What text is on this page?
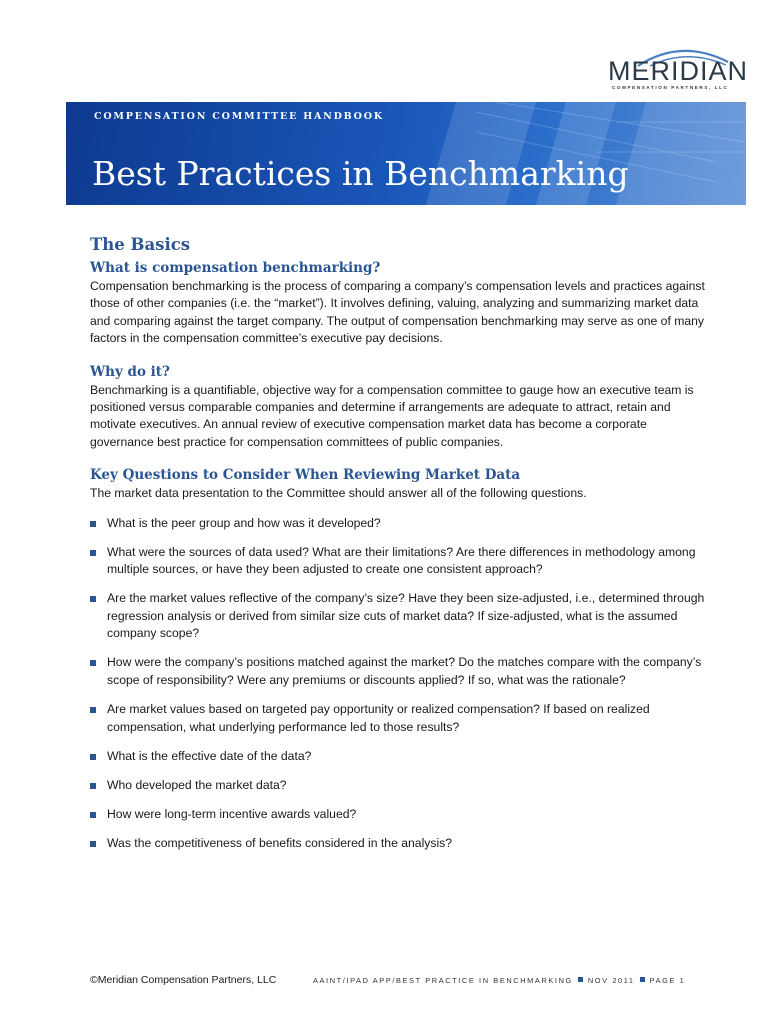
MERIDIAN
COMPENSATION PARTNERS, LLC
COMPENSATION COMMITTEE HANDBOOK
Best Practices in Benchmarking
The Basics
What is compensation benchmarking?

Compensation benchmarking is the process of comparing a company’s compensation levels and practices against those of other companies (i.e. the “market”). It involves defining, valuing, analyzing and summarizing market data and comparing against the target company. The output of compensation benchmarking may serve as one of many factors in the compensation committee’s executive pay decisions.

Why do it?

Benchmarking is a quantifiable, objective way for a compensation committee to gauge how an executive team is positioned versus comparable companies and determine if arrangements are adequate to attract, retain and motivate executives. An annual review of executive compensation market data has become a corporate governance best practice for compensation committees of public companies.

Key Questions to Consider When Reviewing Market Data

The market data presentation to the Committee should answer all of the following questions.

What is the peer group and how was it developed?
What were the sources of data used? What are their limitations? Are there differences in methodology among multiple sources, or have they been adjusted to create one consistent approach?
Are the market values reflective of the company’s size? Have they been size-adjusted, i.e., determined through regression analysis or derived from similar size cuts of market data? If size-adjusted, what is the assumed company scope?
How were the company’s positions matched against the market? Do the matches compare with the company’s scope of responsibility? Were any premiums or discounts applied? If so, what was the rationale?
Are market values based on targeted pay opportunity or realized compensation? If based on realized compensation, what underlying performance led to those results?
What is the effective date of the data?
Who developed the market data?
How were long-term incentive awards valued?
Was the competitiveness of benefits considered in the analysis?
©Meridian Compensation Partners, LLC	AAINT/IPAD APP/BEST PRACTICE IN BENCHMARKING NOV 2011 PAGE 1
